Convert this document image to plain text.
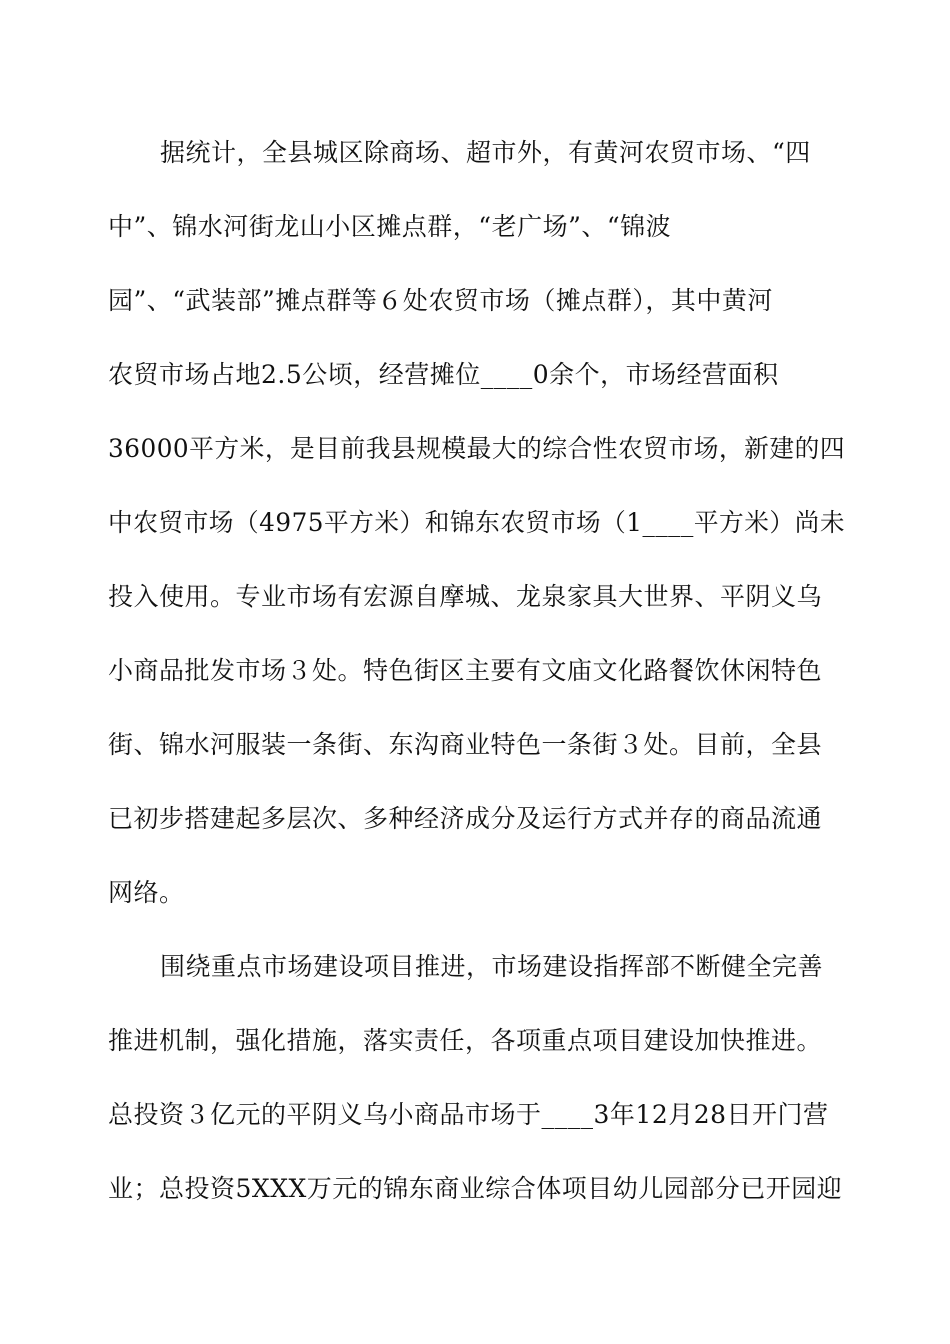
据统计，全县城区除商场、超市外，有黄河农贸市场、“四
中”、锦水河街龙山小区摊点群，“老广场”、“锦波
园”、“武装部”摊点群等６处农贸市场（摊点群），其中黄河
农贸市场占地2.5公顷，经营摊位____0余个，市场经营面积
36000平方米，是目前我县规模最大的综合性农贸市场，新建的四
中农贸市场（4975平方米）和锦东农贸市场（1____平方米）尚未
投入使用。专业市场有宏源自摩城、龙泉家具大世界、平阴义乌
小商品批发市场３处。特色街区主要有文庙文化路餐饮休闲特色
街、锦水河服装一条街、东沟商业特色一条街３处。目前，全县
已初步搭建起多层次、多种经济成分及运行方式并存的商品流通
网络。
围绕重点市场建设项目推进，市场建设指挥部不断健全完善
推进机制，强化措施，落实责任，各项重点项目建设加快推进。
总投资３亿元的平阴义乌小商品市场于____3年12月28日开门营
业；总投资5XXX万元的锦东商业综合体项目幼儿园部分已开园迎
